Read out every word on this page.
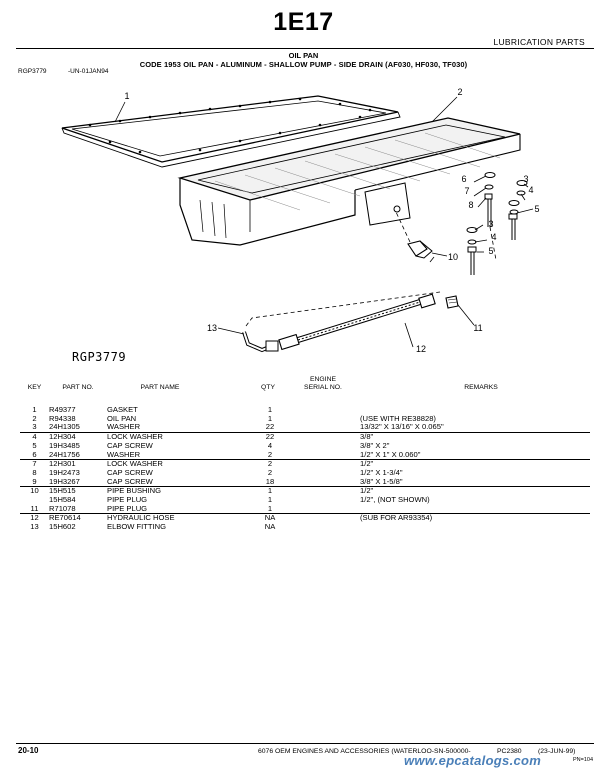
1E17
LUBRICATION PARTS
OIL PAN
CODE 1953 OIL PAN - ALUMINUM - SHALLOW PUMP - SIDE DRAIN (AF030, HF030, TF030)
RGP3779	-UN-01JAN94
1	2
3
4
5
6
7
8
3
4
5
10
11
12
13
RGP3779
KEY	PART NO.	PART NAME	QTY
ENGINE
SERIAL NO.	REMARKS
1	R49377	GASKET	1		
2	R94338	OIL PAN	1		(USE WITH RE38828)
3	24H1305	WASHER	22		13/32" X 13/16" X 0.065"
4	12H304	LOCK WASHER	22		3/8"
5	19H3485	CAP SCREW	4		3/8" X 2"
6	24H1756	WASHER	2		1/2" X 1" X 0.060"
7	12H301	LOCK WASHER	2		1/2"
8	19H2473	CAP SCREW	2		1/2" X 1-3/4"
9	19H3267	CAP SCREW	18		3/8" X 1-5/8"
10	15H515	PIPE BUSHING	1		1/2"
	15H584	PIPE PLUG	1		1/2", (NOT SHOWN)
11	R71078	PIPE PLUG	1		
12	RE70614	HYDRAULIC HOSE	NA		(SUB FOR AR93354)
13	15H602	ELBOW FITTING	NA		
20-10	6076 OEM ENGINES AND ACCESSORIES (WATERLOO-SN-500000-	PC2380 (23-JUN-99)
PN=104
www.epcatalogs.com
